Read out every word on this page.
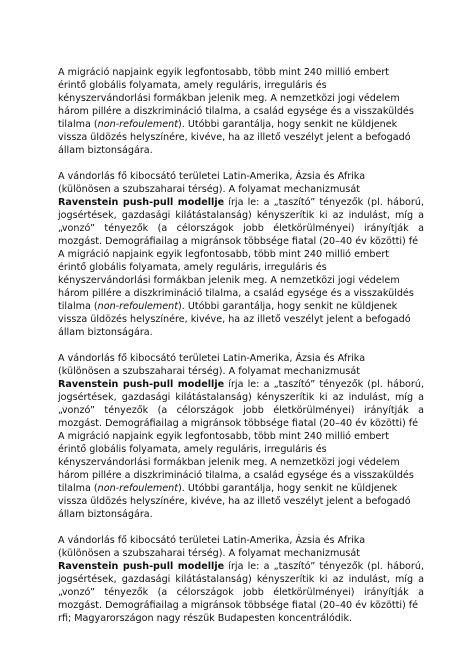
A migráció napjaink egyik legfontosabb, több mint 240 millió embert
érintő globális folyamata, amely reguláris, irreguláris és
kényszervándorlási formákban jelenik meg. A nemzetközi jogi védelem
három pillére a diszkrimináció tilalma, a család egysége és a visszaküldés
tilalma (non-refoulement). Utóbbi garantálja, hogy senkit ne küldjenek
vissza üldözés helyszínére, kivéve, ha az illető veszélyt jelent a befogadó
állam biztonságára.

A vándorlás fő kibocsátó területei Latin-Amerika, Ázsia és Afrika
(különösen a szubszaharai térség). A folyamat mechanizmusát
Ravenstein push-pull modellje írja le: a „taszító” tényezők (pl. háború,
jogsértések, gazdasági kilátástalanság) kényszerítik ki az indulást, míg a
„vonzó” tényezők (a célországok jobb életkörülményei) irányítják a
mozgást. Demográfiailag a migránsok többsége fiatal (20–40 év közötti) fé
A migráció napjaink egyik legfontosabb, több mint 240 millió embert
érintő globális folyamata, amely reguláris, irreguláris és
kényszervándorlási formákban jelenik meg. A nemzetközi jogi védelem
három pillére a diszkrimináció tilalma, a család egysége és a visszaküldés
tilalma (non-refoulement). Utóbbi garantálja, hogy senkit ne küldjenek
vissza üldözés helyszínére, kivéve, ha az illető veszélyt jelent a befogadó
állam biztonságára.

A vándorlás fő kibocsátó területei Latin-Amerika, Ázsia és Afrika
(különösen a szubszaharai térség). A folyamat mechanizmusát
Ravenstein push-pull modellje írja le: a „taszító” tényezők (pl. háború,
jogsértések, gazdasági kilátástalanság) kényszerítik ki az indulást, míg a
„vonzó” tényezők (a célországok jobb életkörülményei) irányítják a
mozgást. Demográfiailag a migránsok többsége fiatal (20–40 év közötti) fé
A migráció napjaink egyik legfontosabb, több mint 240 millió embert
érintő globális folyamata, amely reguláris, irreguláris és
kényszervándorlási formákban jelenik meg. A nemzetközi jogi védelem
három pillére a diszkrimináció tilalma, a család egysége és a visszaküldés
tilalma (non-refoulement). Utóbbi garantálja, hogy senkit ne küldjenek
vissza üldözés helyszínére, kivéve, ha az illető veszélyt jelent a befogadó
állam biztonságára.

A vándorlás fő kibocsátó területei Latin-Amerika, Ázsia és Afrika
(különösen a szubszaharai térség). A folyamat mechanizmusát
Ravenstein push-pull modellje írja le: a „taszító” tényezők (pl. háború,
jogsértések, gazdasági kilátástalanság) kényszerítik ki az indulást, míg a
„vonzó” tényezők (a célországok jobb életkörülményei) irányítják a
mozgást. Demográfiailag a migránsok többsége fiatal (20–40 év közötti) fé
rfi; Magyarországon nagy részük Budapesten koncentrálódik.
